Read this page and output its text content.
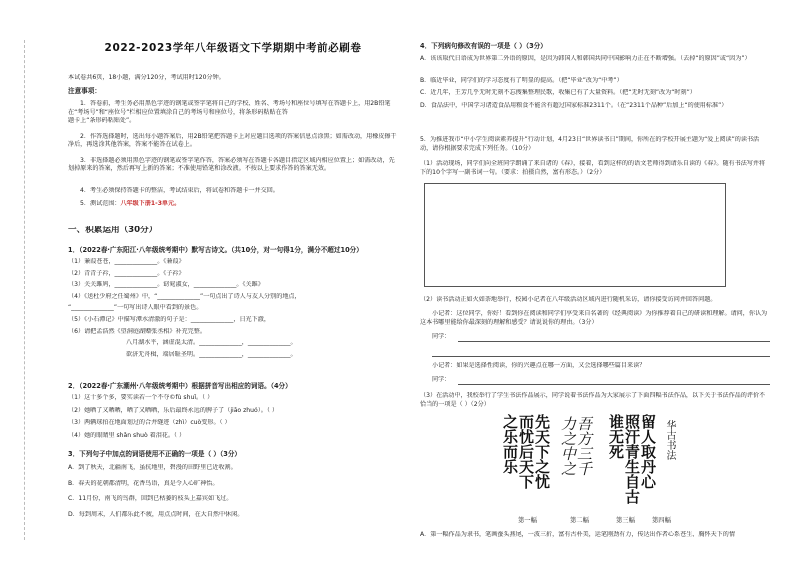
2022-2023学年八年级语文下学期期中考前必刷卷
本试卷共6页，18小题，满分120分，考试用时120分钟。
注意事项：
1．答卷前，考生务必用黑色字迹的钢笔或签字笔将自己的学校、姓名、考场号和座位号填写在答题卡上，用2B铅笔在“考场号”和“座位号”栏相应位置填涂自己的考场号和座位号，将条形码粘贴在答
题卡上“条形码粘贴处”。
2．作答选择题时，选出每小题答案后，用2B铅笔把答题卡上对应题目选项的答案信息点涂黑；如需改动，用橡皮擦干净后，再选涂其他答案，答案不能答在试卷上。
3．非选择题必须用黑色字迹的钢笔或签字笔作答，答案必须写在答题卡各题目指定区域内相应位置上；如需改动，先划掉原来的答案，然后再写上新的答案；不准使用铅笔和涂改液。不按以上要求作答的答案无效。
4．考生必须保持答题卡的整洁，考试结束后，将试卷和答题卡一并交回。
5．测试范围：八年级下册1-3单元。
一、积累运用（30分）
1．（2022春·广东阳江·八年级统考期中）默写古诗文。（共10分，对一句得1分，满分不超过10分）
（1）蒹葭苍苍，______________。《蒹葭》
（2）青青子衿，______________。《子衿》
（3）关关雎鸠，______________。窈窕淑女，______________。《关雎》
（4）《送杜少府之任蜀州》中，“______________”一句点出了诗人与友人分别的地点，
“______________”一句写出诗人眼中看到的景色。
（5）《小石潭记》中描写潭水清澈的句子是：______________，日光下澈，
（6）请把孟浩然《望洞庭湖赠张丞相》补充完整。
八月湖水平，涵虚混太清。______________，______________。
欲济无舟楫，端居耻圣明。______________，______________。
2．（2022春·广东潮州·八年级统考期中）根据拼音写出相应的词语。（4分）
（1）这十多个多，要实读若一个不夺©fù shuǐ。（ ）
（2）她晒了又晒晒，晒了又晒晒，乐后最终永远的脾子了（jiāo zhuó）。（ ）
（3）两辆球拍在地面划过的合并缝迹（zhì）cuò变形。（ ）
（4）她的眼睛里 shǎn shuò 着泪花。（ ）
3．下列句子中加点的词语使用不正确的一项是（ ）（3分）
A．到了秋天，北疆南飞，虽抗地里，碧漫的田野里已近收割。
B．春天的花朝都清明，花香鸟语，真是令人心旷神怡。
C．11月份，南飞的鸟群，回到已枯萎的枝头上嘉宾如飞过。
D．每到周末，人们都乐此不疲，用点点时间，在大自然中休闲。
4．下列病句修改有误的一项是（ ）（3分）
A．该该取代日语成为世界第二外语的原因，是因为韩国人和韩国共同中国影响力正在不断增强。（去掉“的原因”或“因为”）
B．临近毕业，同学们的学习态度有了明显的提高。（把“毕业”改为“中考”）
C．近几年，王芳几乎无时无刻不忘搜集整理民歌，收集已有了大量资料。（把“无时无刻”改为“时刻”）
D．食品法中，中国学习诸造食品用粮食不能含有超过国家标准2311个。（在“2311个品种”后加上“的使用标准”）
5．为推进我市“中小学生阅读素养提升”行动计划，4月23日“世界读书日”期间，你所在的学校开展主题为“爱上阅读”的读书活动，请你根据要求完成下列任务。（10分）
（1）活动现场，同学们向全班同学朗诵了来自诸的《春》，接着，看到这样的的语文老师得到请乐自读的《春》。随有书法写并将下的10个字写一副书词一句。（要求：拍摄自然，富有形态。）（2分）
（2）读书活动正如火如荼地举行，校园小记者在八年级活动区域内进行随机采访，请你接受访问并回答问题。
小记者：这位同学，你好！看到你在阅读和同学们享受来自名著的《经典阅读》为你推荐着自己的研读和理解。请问，你认为这本书哪里能给你最深刻的理解和感受？请说说你的理由。（3分）
同学：
小记者：如果是选择性阅读，你的兴趣点在哪一方面，又会选择哪些篇目来读？
同学：
（3）在活动中，我校举行了学生书法作品展示，同学说着书法作品为大家展示了下面四幅书法作品，以下关于书法作品的评价不恰当的一项是（ ）（2分）
先天下之忧
而忧后天下
之乐而乐	吾方三千
力之中之	留人取丹心
照汗青生自古
谁无死	华古书法
第一幅	第二幅	第三幅	第四幅
A．第一幅作品为隶书，笔画蚕头燕尾，一波三折，富有古朴美，运笔刚劲有力，传达出作者心系苍生、胸怀天下的情
